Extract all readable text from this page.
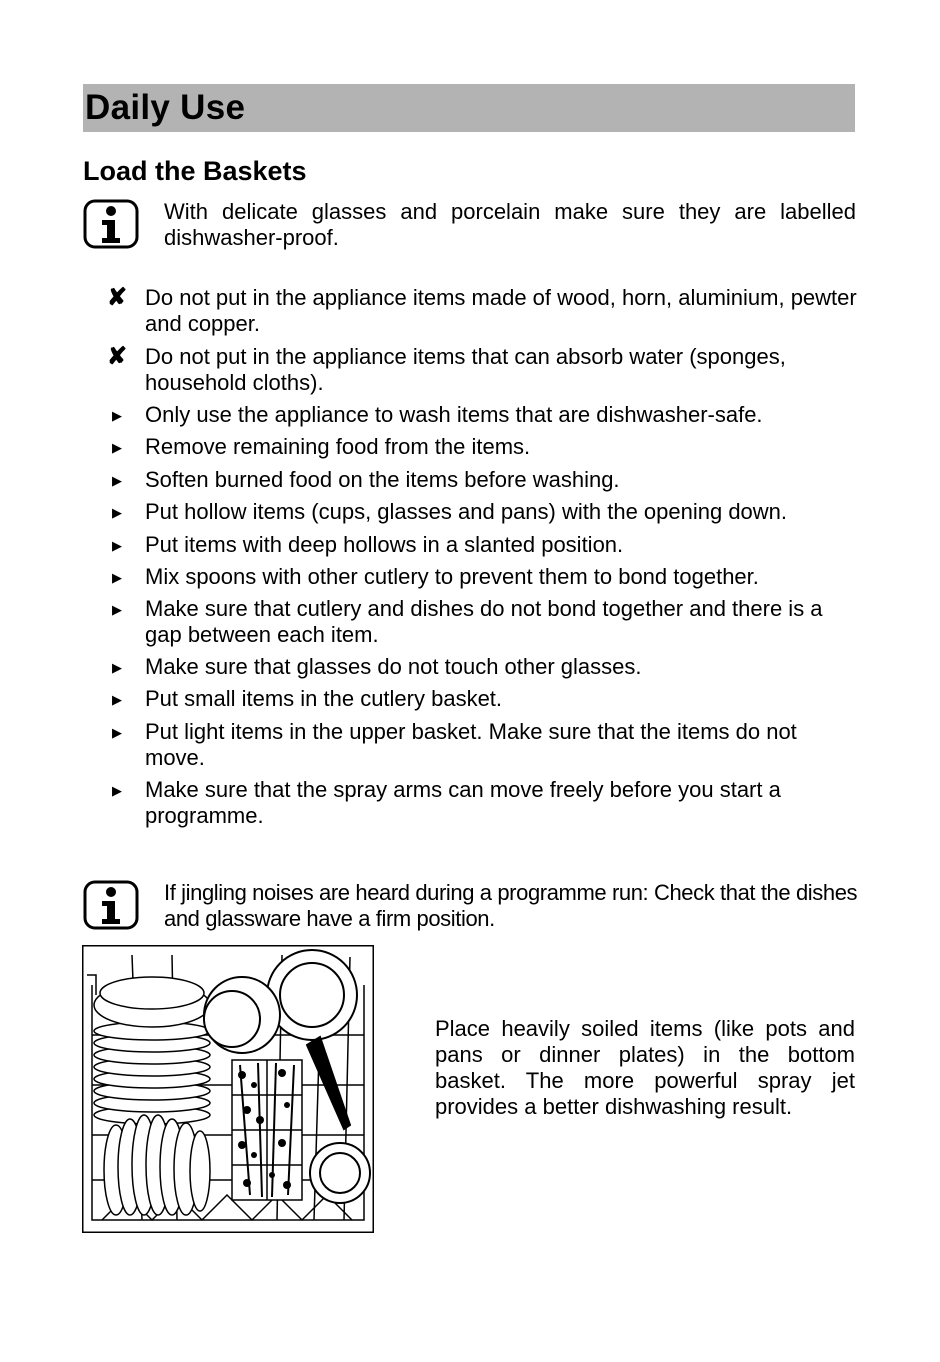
Daily Use
Load the Baskets
With delicate glasses and porcelain make sure they are labelled dishwasher-proof.
✘ Do not put in the appliance items made of wood, horn, aluminium, pewter and copper.
✘ Do not put in the appliance items that can absorb water (sponges, household cloths).
▶	Only use the appliance to wash items that are dishwasher-safe.
▶	Remove remaining food from the items.
▶	Soften burned food on the items before washing.
▶	Put hollow items (cups, glasses and pans) with the opening down.
▶	Put items with deep hollows in a slanted position.
▶	Mix spoons with other cutlery to prevent them to bond together.
▶	Make sure that cutlery and dishes do not bond together and there is a gap between each item.
▶	Make sure that glasses do not touch other glasses.
▶	Put small items in the cutlery basket.
▶	Put light items in the upper basket. Make sure that the items do not move.
▶	Make sure that the spray arms can move freely before you start a programme.
If jingling noises are heard during a programme run: Check that the dishes and glassware have a firm position.
Place heavily soiled items (like pots and pans or dinner plates) in the bottom basket. The more powerful spray jet provides a better dishwashing result.
